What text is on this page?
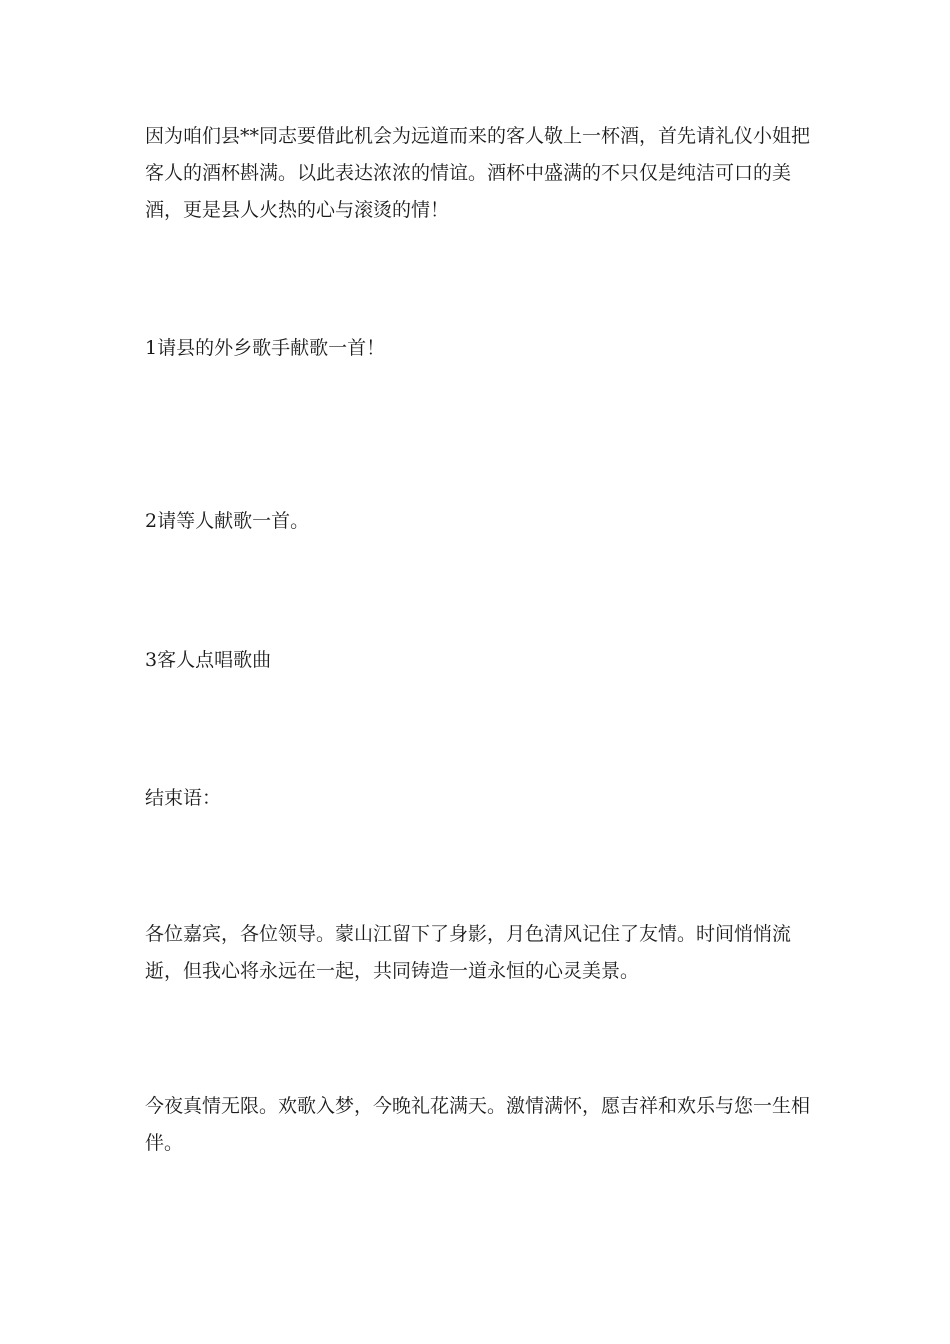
因为咱们县**同志要借此机会为远道而来的客人敬上一杯酒，首先请礼仪小姐把客人的酒杯斟满。以此表达浓浓的情谊。酒杯中盛满的不只仅是纯洁可口的美酒，更是县人火热的心与滚烫的情！

1请县的外乡歌手献歌一首！

2请等人献歌一首。

3客人点唱歌曲

结束语：

各位嘉宾，各位领导。蒙山江留下了身影，月色清风记住了友情。时间悄悄流逝，但我心将永远在一起，共同铸造一道永恒的心灵美景。

今夜真情无限。欢歌入梦，今晚礼花满天。激情满怀，愿吉祥和欢乐与您一生相伴。
